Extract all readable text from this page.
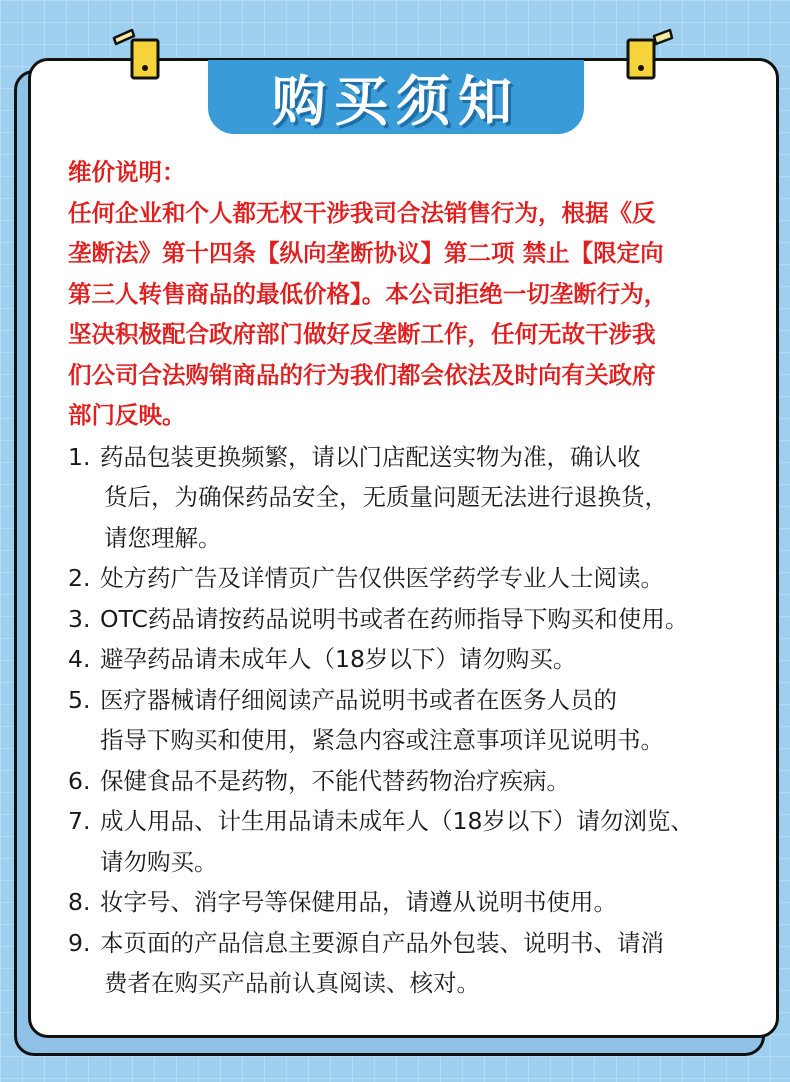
购买须知

维价说明：

任何企业和个人都无权干涉我司合法销售行为，根据《反

垄断法》第十四条【纵向垄断协议】第二项 禁止【限定向

第三人转售商品的最低价格】。本公司拒绝一切垄断行为，

坚决积极配合政府部门做好反垄断工作，任何无故干涉我

们公司合法购销商品的行为我们都会依法及时向有关政府

部门反映。

1. 药品包装更换频繁，请以门店配送实物为准，确认收
货后，为确保药品安全，无质量问题无法进行退换货，
请您理解。
2. 处方药广告及详情页广告仅供医学药学专业人士阅读。
3. OTC药品请按药品说明书或者在药师指导下购买和使用。
4. 避孕药品请未成年人（18岁以下）请勿购买。
5. 医疗器械请仔细阅读产品说明书或者在医务人员的
指导下购买和使用，紧急内容或注意事项详见说明书。
6. 保健食品不是药物，不能代替药物治疗疾病。
7. 成人用品、计生用品请未成年人（18岁以下）请勿浏览、
请勿购买。
8. 妆字号、消字号等保健用品，请遵从说明书使用。
9. 本页面的产品信息主要源自产品外包装、说明书、请消
费者在购买产品前认真阅读、核对。
